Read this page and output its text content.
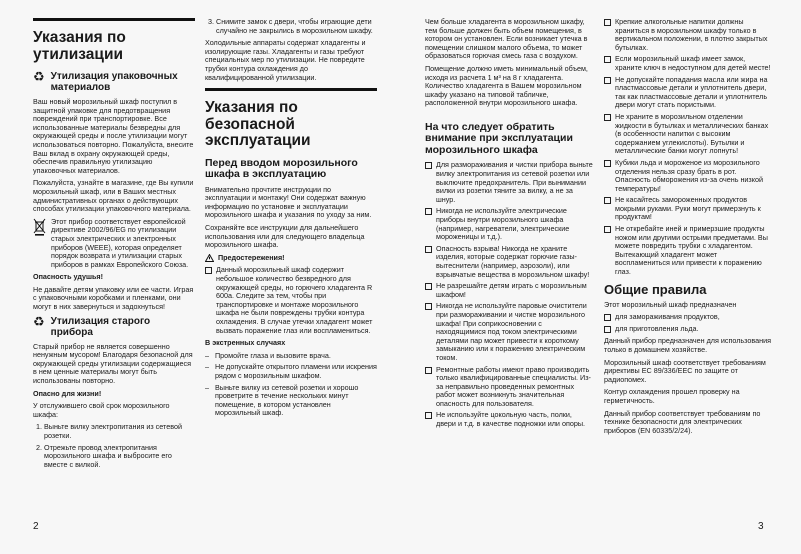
Указания по утилизации
♻ Утилизация упаковочных материалов

Ваш новый морозильный шкаф поступил в защитной упаковке для предотвращения повреждений при транспортировке. Все использованные материалы безвредны для окружающей среды и после утилизации могут использоваться повторно. Пожалуйста, внесите Ваш вклад в охрану окружающей среды, обеспечив правильную утилизацию упаковочных материалов.

Пожалуйста, узнайте в магазине, где Вы купили морозильный шкаф, или в Ваших местных административных органах о действующих способах утилизации упаковочного материала.

Этот прибор соответствует европейской директиве 2002/96/EG по утилизации старых электрических и электронных приборов (WEEE), которая определяет порядок возврата и утилизации старых приборов в рамках Европейского Союза.

Опасность удушья!

Не давайте детям упаковку или ее части. Играя с упаковочными коробками и пленками, они могут в них завернуться и задохнуться!

♻ Утилизация старого прибора

Старый прибор не является совершенно ненужным мусором! Благодаря безопасной для окружающей среды утилизации содержащиеся в нем ценные материалы могут быть использованы повторно.

Опасно для жизни!

У отслужившего свой срок морозильного шкафа:

1. Выньте вилку электропитания из сетевой розетки.
2. Отрежьте провод электропитания морозильного шкафа и выбросите его вместе с вилкой.
3. Снимите замок с двери, чтобы играющие дети случайно не закрылись в морозильном шкафу.

Холодильные аппараты содержат хладагенты и изолирующие газы. Хладагенты и газы требуют специальных мер по утилизации. Не повредите трубки контура охлаждения до квалифицированной утилизации.

Указания по безопасной эксплуатации
Перед вводом морозильного шкафа в эксплуатацию

Внимательно прочтите инструкции по эксплуатации и монтажу! Они содержат важную информацию по установке и эксплуатации морозильного шкафа и указания по уходу за ним.

Сохраняйте все инструкции для дальнейшего использования или для следующего владельца морозильного шкафа.

Предостережения!
Данный морозильный шкаф содержит небольшое количество безвредного для окружающей среды, но горючего хладагента R 600a. Следите за тем, чтобы при транспортировке и монтаже морозильного шкафа не были повреждены трубки контура охлаждения. В случае утечки хладагент может вызвать поражение глаз или воспламениться.

В экстренных случаях

– Промойте глаза и вызовите врача.
– Не допускайте открытого пламени или искрения рядом с морозильным шкафом.
– Выньте вилку из сетевой розетки и хорошо проветрите в течение нескольких минут помещение, в котором установлен морозильный шкаф.
2

Чем больше хладагента в морозильном шкафу, тем больше должен быть объем помещения, в котором он установлен. Если возникает утечка в помещении слишком малого объема, то может образоваться горючая смесь газа с воздухом.

Помещение должно иметь минимальный объем, исходя из расчета 1 м³ на 8 г хладагента. Количество хладагента в Вашем морозильном шкафу указано на типовой табличке, расположенной внутри морозильного шкафа.

На что следует обратить внимание при эксплуатации морозильного шкафа
Для размораживания и чистки прибора выньте вилку электропитания из сетевой розетки или выключите предохранитель. При вынимании вилки из розетки тяните за вилку, а не за шнур.
Никогда не используйте электрические приборы внутри морозильного шкафа (например, нагреватели, электрические мороженицы и т.д.).
Опасность взрыва! Никогда не храните изделия, которые содержат горючие газы-вытеснители (например, аэрозоли), или взрывчатые вещества в морозильном шкафу!
Не разрешайте детям играть с морозильным шкафом!
Никогда не используйте паровые очистители при размораживании и чистке морозильного шкафа! При соприкосновении с находящимися под током электрическими деталями пар может привести к короткому замыканию или к поражению электрическим током.
Ремонтные работы имеют право производить только квалифицированные специалисты. Из-за неправильно проведенных ремонтных работ может возникнуть значительная опасность для пользователя.
Не используйте цокольную часть, полки, двери и т.д. в качестве подножки или опоры.
Крепкие алкогольные напитки должны храниться в морозильном шкафу только в вертикальном положении, в плотно закрытых бутылках.
Если морозильный шкаф имеет замок, храните ключ в недоступном для детей месте!
Не допускайте попадания масла или жира на пластмассовые детали и уплотнитель двери, так как пластмассовые детали и уплотнитель двери могут стать пористыми.
Не храните в морозильном отделении жидкости в бутылках и металлических банках (в особенности напитки с высоким содержанием углекислоты). Бутылки и металлические банки могут лопнуть!
Кубики льда и мороженое из морозильного отделения нельзя сразу брать в рот. Опасность обморожения из-за очень низкой температуры!
Не касайтесь замороженных продуктов мокрыми руками. Руки могут примерзнуть к продуктам!
Не откребайте иней и примерзшие продукты ножом или другими острыми предметами. Вы можете повредить трубки с хладагентом. Вытекающий хладагент может воспламениться или привести к поражению глаз.
Общие правила

Этот морозильный шкаф предназначен

для замораживания продуктов,
для приготовления льда.

Данный прибор предназначен для использования только в домашнем хозяйстве.

Морозильный шкаф соответствует требованиям директивы ЕС 89/336/ЕЕС по защите от радиопомех.

Контур охлаждения прошел проверку на герметичность.

Данный прибор соответствует требованиям по технике безопасности для электрических приборов (EN 60335/2/24).

3
